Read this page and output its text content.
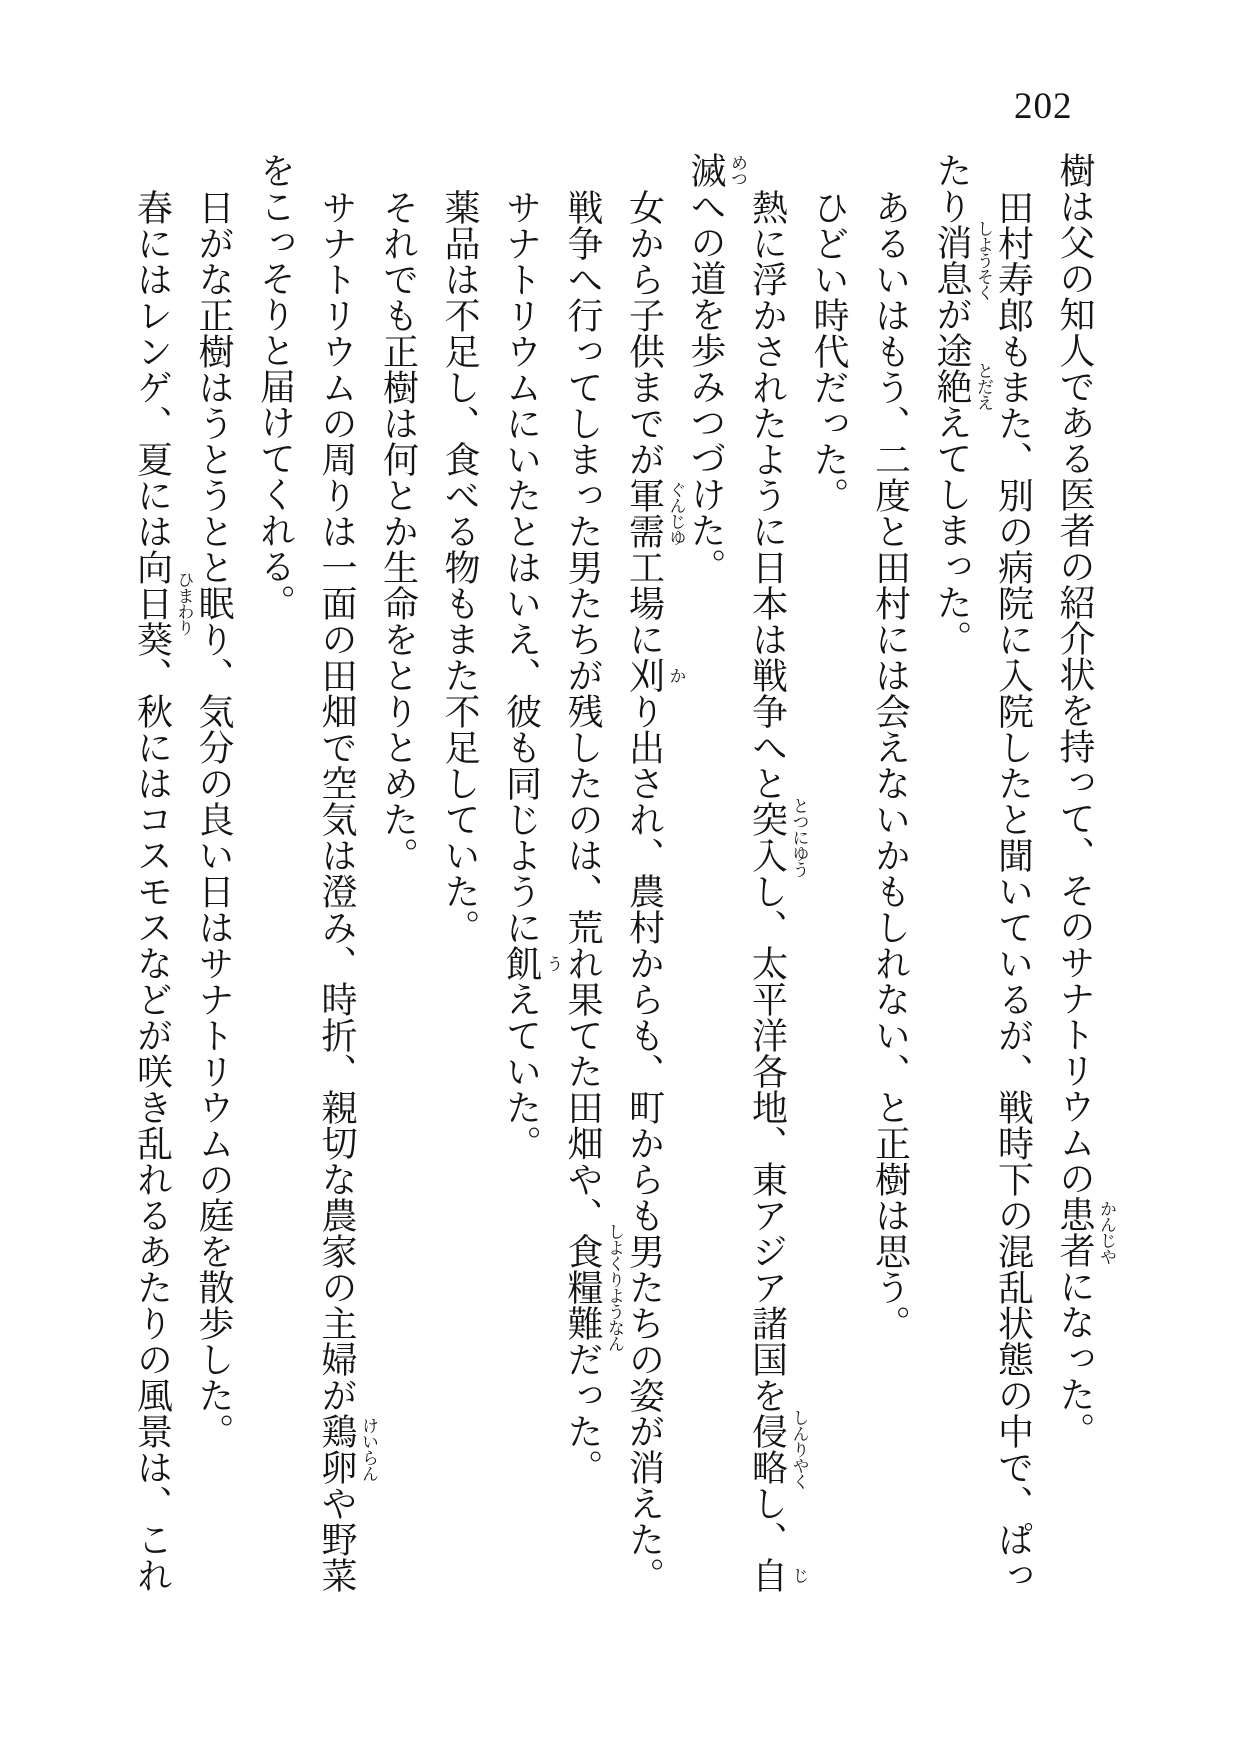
202

樹は父の知人である医者の紹介状を持って、そのサナトリウムの
かんじや
患者になった。

田村寿郎もまた、別の病院に入院したと聞いているが、戦時下の混乱状態の中で、ぱっ

たり
しようそく
消息が
とだえ
途絶えてしまった。

あるいはもう、二度と田村には会えないかもしれない、と正樹は思う。

ひどい時代だった。

熱に浮かされたように日本は戦争へと
とつにゆう
突入し、太平洋各地、東アジア諸国を
しんりやく
侵略し、
じ
自

めつ
滅への道を歩みつづけた。

女から子供までが
ぐんじゆ
軍需工場に
か
刈り出され、農村からも、町からも男たちの姿が消えた。

戦争へ行ってしまった男たちが残したのは、荒れ果てた田畑や、
しよくりようなん
食糧難だった。

サナトリウムにいたとはいえ、彼も同じように
う
飢えていた。

薬品は不足し、食べる物もまた不足していた。

それでも正樹は何とか生命をとりとめた。

サナトリウムの周りは一面の田畑で空気は澄み、時折、親切な農家の主婦が
けいらん
鶏卵や野菜

をこっそりと届けてくれる。

日がな正樹はうとうとと眠り、気分の良い日はサナトリウムの庭を散歩した。

春にはレンゲ、夏には
ひまわり
向日葵、秋にはコスモスなどが咲き乱れるあたりの風景は、これ
